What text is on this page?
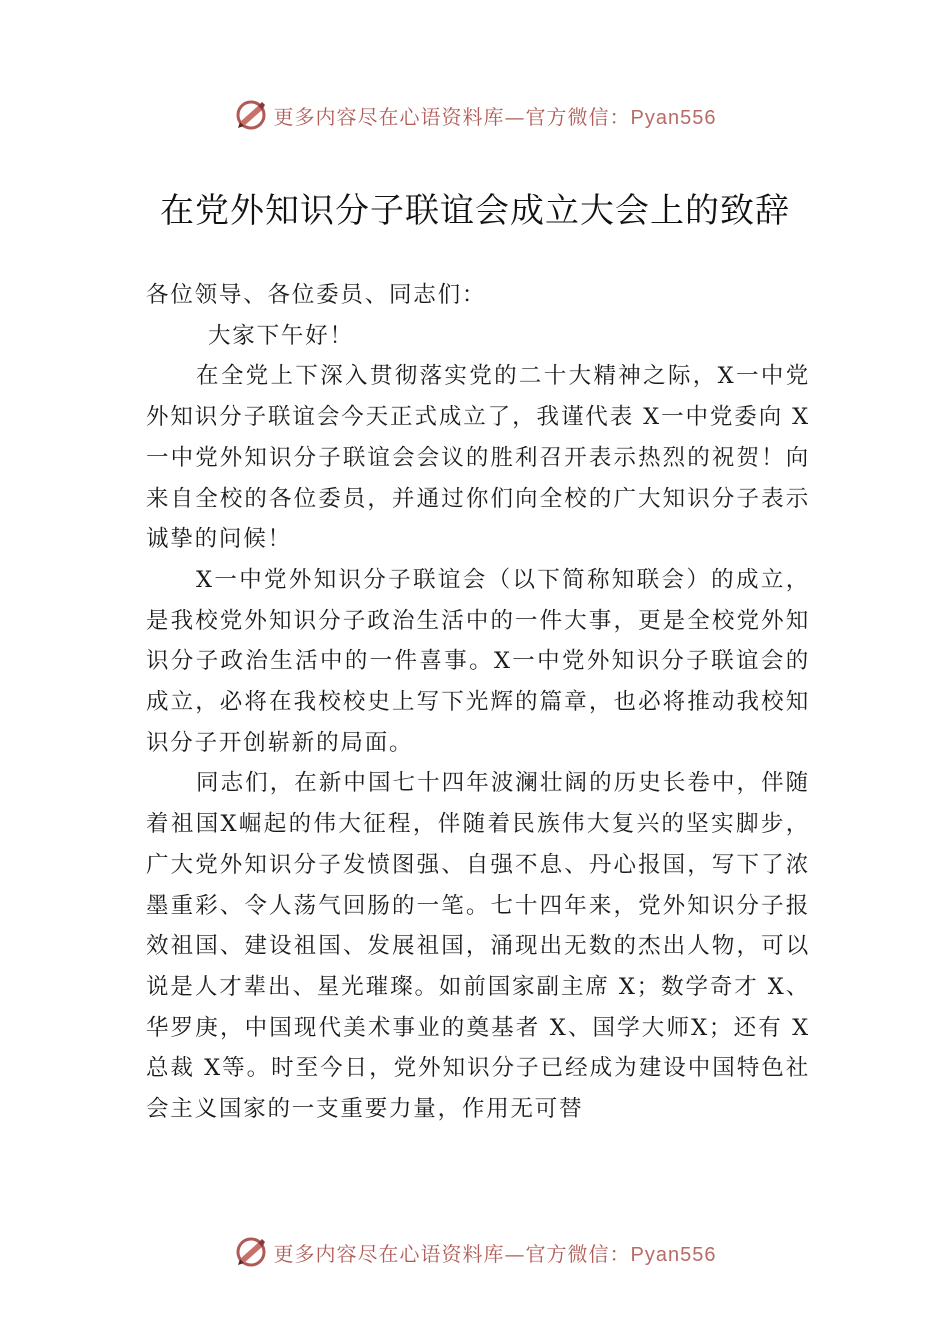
更多内容尽在心语资料库—官方微信：Pyan556
在党外知识分子联谊会成立大会上的致辞

各位领导、各位委员、同志们：

大家下午好！

在全党上下深入贯彻落实党的二十大精神之际，X一中党外知识分子联谊会今天正式成立了，我谨代表 X一中党委向 X 一中党外知识分子联谊会会议的胜利召开表示热烈的祝贺！向来自全校的各位委员，并通过你们向全校的广大知识分子表示诚挚的问候！

X一中党外知识分子联谊会（以下简称知联会）的成立，是我校党外知识分子政治生活中的一件大事，更是全校党外知识分子政治生活中的一件喜事。X一中党外知识分子联谊会的成立，必将在我校校史上写下光辉的篇章，也必将推动我校知识分子开创崭新的局面。

同志们，在新中国七十四年波澜壮阔的历史长卷中，伴随着祖国X崛起的伟大征程，伴随着民族伟大复兴的坚实脚步，广大党外知识分子发愤图强、自强不息、丹心报国，写下了浓墨重彩、令人荡气回肠的一笔。七十四年来，党外知识分子报效祖国、建设祖国、发展祖国，涌现出无数的杰出人物，可以说是人才辈出、星光璀璨。如前国家副主席 X；数学奇才 X、华罗庚，中国现代美术事业的奠基者 X、国学大师X；还有 X总裁 X等。时至今日，党外知识分子已经成为建设中国特色社会主义国家的一支重要力量，作用无可替

更多内容尽在心语资料库—官方微信：Pyan556
